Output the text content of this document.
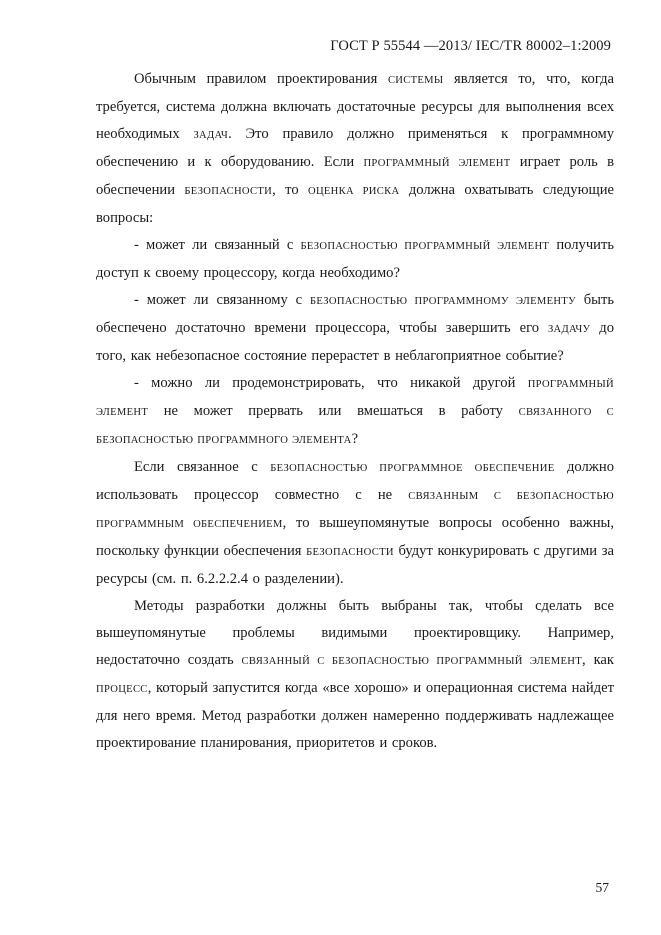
ГОСТ Р 55544 —2013/ IEC/TR 80002–1:2009

Обычным правилом проектирования СИСТЕМЫ является то, что, когда требуется, система должна включать достаточные ресурсы для выполнения всех необходимых ЗАДАЧ. Это правило должно применяться к программному обеспечению и к оборудованию. Если ПРОГРАММНЫЙ ЭЛЕМЕНТ играет роль в обеспечении БЕЗОПАСНОСТИ, то ОЦЕНКА РИСКА должна охватывать следующие вопросы:

- может ли связанный с БЕЗОПАСНОСТЬЮ ПРОГРАММНЫЙ ЭЛЕМЕНТ получить доступ к своему процессору, когда необходимо?

- может ли связанному с БЕЗОПАСНОСТЬЮ ПРОГРАММНОМУ ЭЛЕМЕНТУ быть обеспечено достаточно времени процессора, чтобы завершить его ЗАДАЧУ до того, как небезопасное состояние перерастет в неблагоприятное событие?

- можно ли продемонстрировать, что никакой другой ПРОГРАММНЫЙ ЭЛЕМЕНТ не может прервать или вмешаться в работу СВЯЗАННОГО С БЕЗОПАСНОСТЬЮ ПРОГРАММНОГО ЭЛЕМЕНТА?

Если связанное с БЕЗОПАСНОСТЬЮ ПРОГРАММНОЕ ОБЕСПЕЧЕНИЕ должно использовать процессор совместно с не СВЯЗАННЫМ С БЕЗОПАСНОСТЬЮ ПРОГРАММНЫМ ОБЕСПЕЧЕНИЕМ, то вышеупомянутые вопросы особенно важны, поскольку функции обеспечения БЕЗОПАСНОСТИ будут конкурировать с другими за ресурсы (см. п. 6.2.2.2.4 о разделении).

Методы разработки должны быть выбраны так, чтобы сделать все вышеупомянутые проблемы видимыми проектировщику. Например, недостаточно создать СВЯЗАННЫЙ С БЕЗОПАСНОСТЬЮ ПРОГРАММНЫЙ ЭЛЕМЕНТ, как ПРОЦЕСС, который запустится когда «все хорошо» и операционная система найдет для него время. Метод разработки должен намеренно поддерживать надлежащее проектирование планирования, приоритетов и сроков.

57
